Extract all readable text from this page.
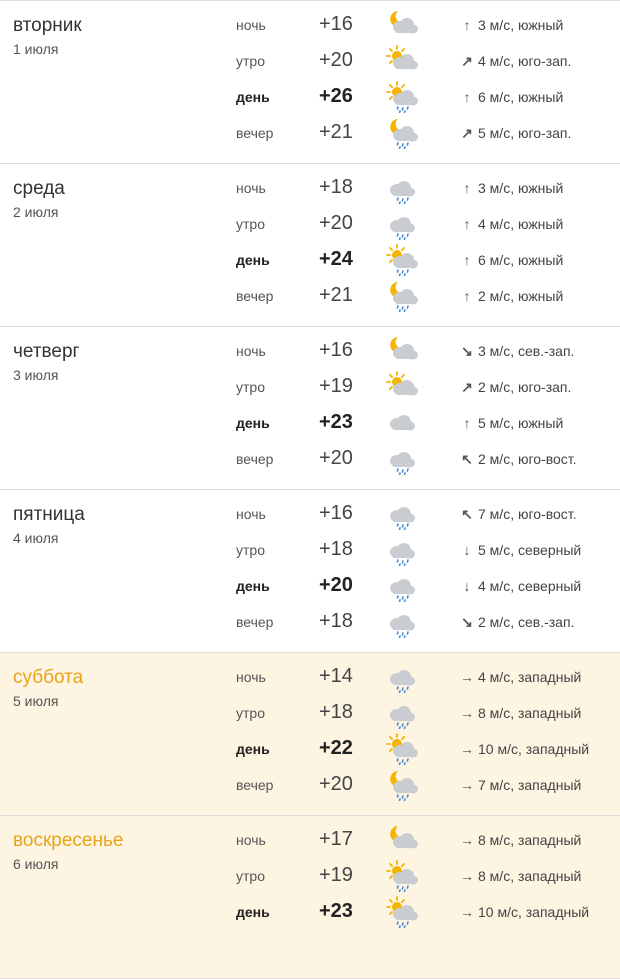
вторник
1 июля
ночь	+16	↑ 3 м/с, южный
утро	+20	↗ 4 м/с, юго-зап.
день +26	↑ 6 м/с, южный
вечер +21	↗ 5 м/с, юго-зап.
среда
2 июля
ночь	+18	↑ 3 м/с, южный
утро	+20	↑ 4 м/с, южный
день +24	↑ 6 м/с, южный
вечер +21	↑ 2 м/с, южный
четверг
3 июля
ночь	+16	↘ 3 м/с, сев.-зап.
утро	+19	↗ 2 м/с, юго-зап.
день +23	↑ 5 м/с, южный
вечер +20	↖ 2 м/с, юго-вост.
пятница
4 июля
ночь	+16	↖ 7 м/с, юго-вост.
утро	+18	↓ 5 м/с, северный
день +20	↓ 4 м/с, северный
вечер +18	↘ 2 м/с, сев.-зап.
суббота
5 июля
ночь	+14	→ 4 м/с, западный
утро	+18	→ 8 м/с, западный
день +22	→ 10 м/с, западный
вечер +20	→ 7 м/с, западный
воскресенье
6 июля
ночь	+17	→ 8 м/с, западный
утро	+19	→ 8 м/с, западный
день +23	→ 10 м/с, западный
